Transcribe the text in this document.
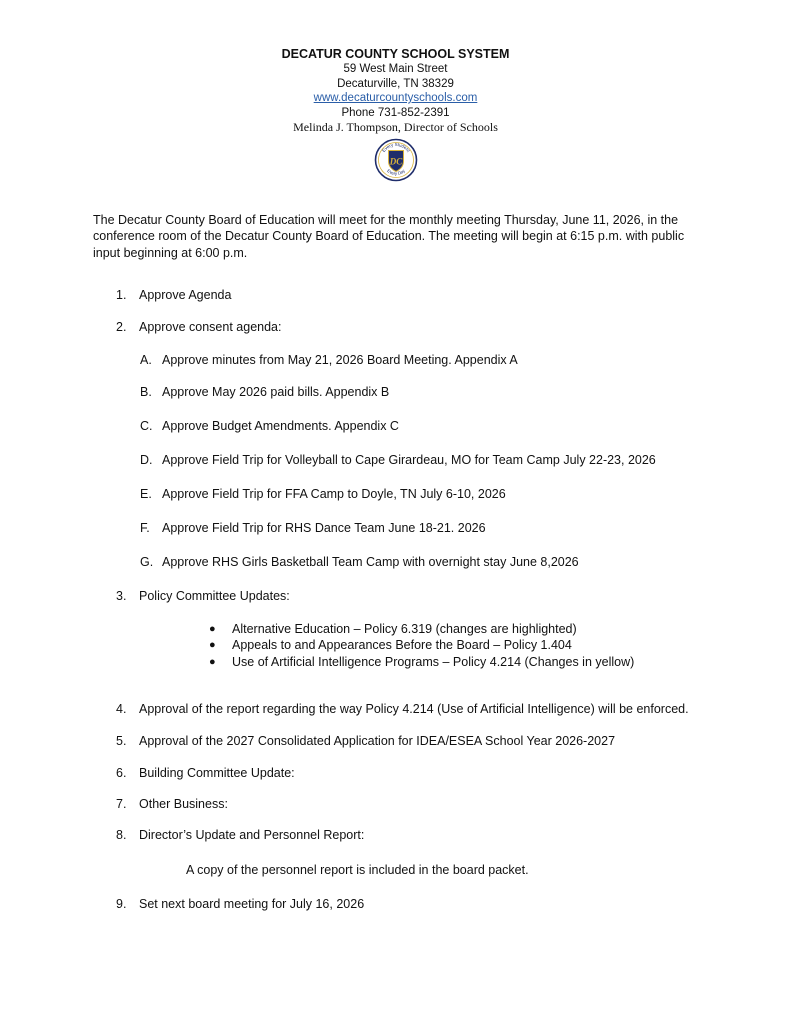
DECATUR COUNTY SCHOOL SYSTEM
59 West Main Street
Decaturville, TN 38329
www.decaturcountyschools.com
Phone 731-852-2391
Melinda J. Thompson, Director of Schools
DC
Every Student
Every Day
The Decatur County Board of Education will meet for the monthly meeting Thursday, June 11, 2026, in the conference room of the Decatur County Board of Education. The meeting will begin at 6:15 p.m. with public input beginning at 6:00 p.m.
1. Approve Agenda
2. Approve consent agenda:
A. Approve minutes from May 21, 2026 Board Meeting. Appendix A
B. Approve May 2026 paid bills. Appendix B
C. Approve Budget Amendments. Appendix C
D. Approve Field Trip for Volleyball to Cape Girardeau, MO for Team Camp July 22-23, 2026
E. Approve Field Trip for FFA Camp to Doyle, TN July 6-10, 2026
F. Approve Field Trip for RHS Dance Team June 18-21. 2026
G. Approve RHS Girls Basketball Team Camp with overnight stay June 8,2026
3. Policy Committee Updates:
● Alternative Education – Policy 6.319 (changes are highlighted)
● Appeals to and Appearances Before the Board – Policy 1.404
● Use of Artificial Intelligence Programs – Policy 4.214 (Changes in yellow)
4. Approval of the report regarding the way Policy 4.214 (Use of Artificial Intelligence) will be enforced.
5. Approval of the 2027 Consolidated Application for IDEA/ESEA School Year 2026-2027
6. Building Committee Update:
7. Other Business:
8. Director’s Update and Personnel Report:
A copy of the personnel report is included in the board packet.
9. Set next board meeting for July 16, 2026
